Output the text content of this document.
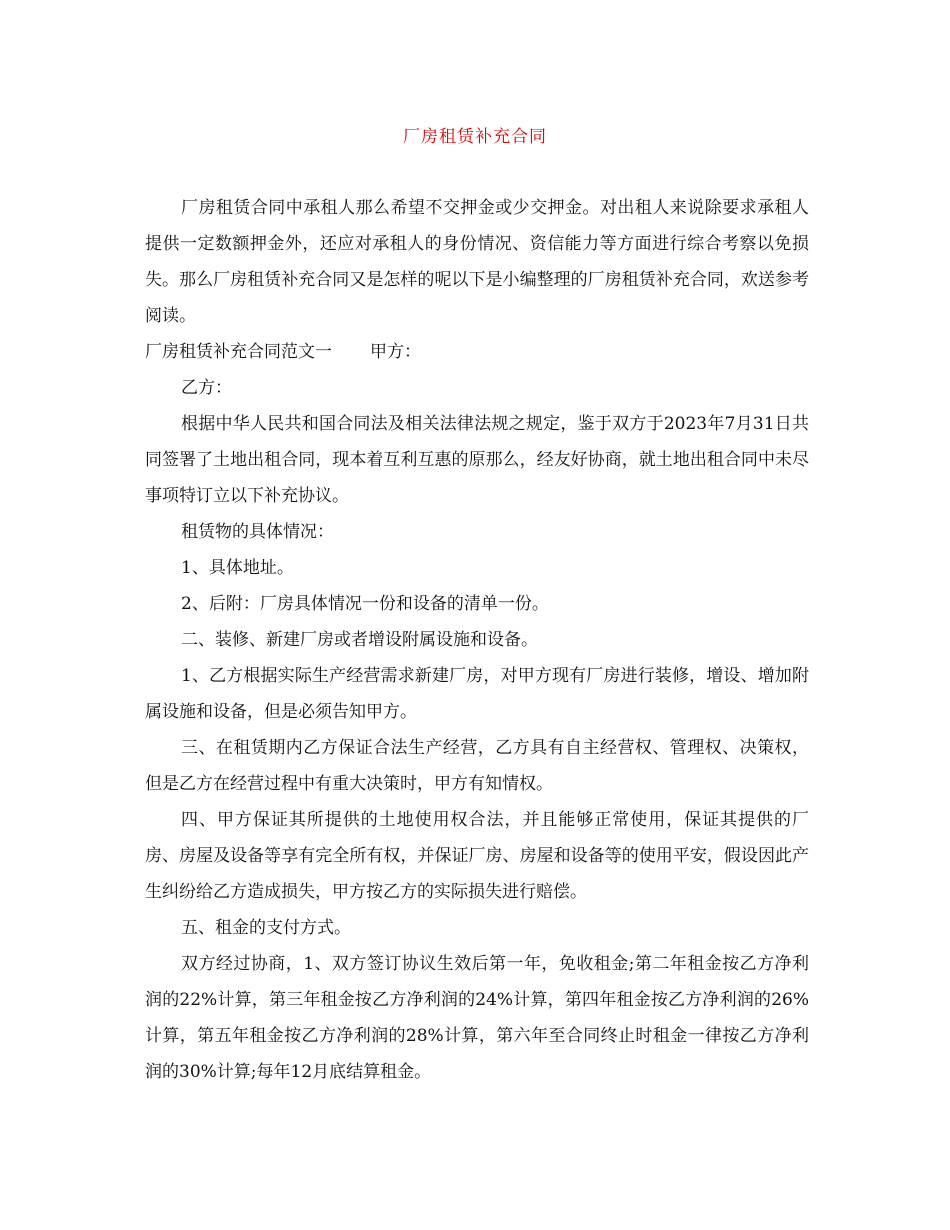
厂房租赁补充合同

厂房租赁合同中承租人那么希望不交押金或少交押金。对出租人来说除要求承租人提供一定数额押金外，还应对承租人的身份情况、资信能力等方面进行综合考察以免损失。那么厂房租赁补充合同又是怎样的呢以下是小编整理的厂房租赁补充合同，欢送参考阅读。

厂房租赁补充合同范文一 甲方：

乙方：

根据中华人民共和国合同法及相关法律法规之规定，鉴于双方于2023年7月31日共同签署了土地出租合同，现本着互利互惠的原那么，经友好协商，就土地出租合同中未尽事项特订立以下补充协议。

租赁物的具体情况：

1、具体地址。

2、后附：厂房具体情况一份和设备的清单一份。

二、装修、新建厂房或者增设附属设施和设备。

1、乙方根据实际生产经营需求新建厂房，对甲方现有厂房进行装修，增设、增加附属设施和设备，但是必须告知甲方。

三、在租赁期内乙方保证合法生产经营，乙方具有自主经营权、管理权、决策权，但是乙方在经营过程中有重大决策时，甲方有知情权。

四、甲方保证其所提供的土地使用权合法，并且能够正常使用，保证其提供的厂房、房屋及设备等享有完全所有权，并保证厂房、房屋和设备等的使用平安，假设因此产生纠纷给乙方造成损失，甲方按乙方的实际损失进行赔偿。

五、租金的支付方式。

双方经过协商，1、双方签订协议生效后第一年，免收租金;第二年租金按乙方净利润的22%计算，第三年租金按乙方净利润的24%计算，第四年租金按乙方净利润的26%计算，第五年租金按乙方净利润的28%计算，第六年至合同终止时租金一律按乙方净利润的30%计算;每年12月底结算租金。
